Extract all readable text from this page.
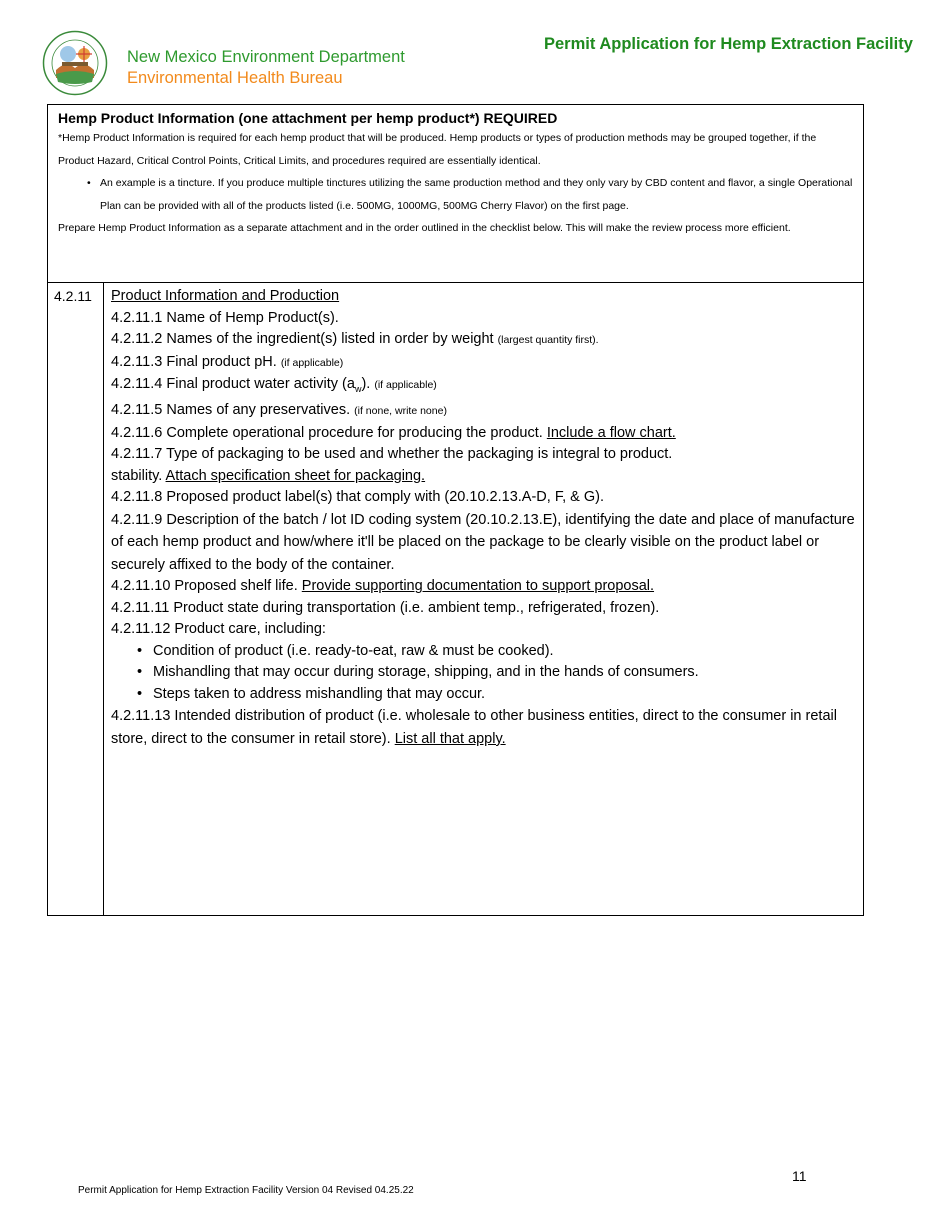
New Mexico Environment Department
Environmental Health Bureau
Permit Application for Hemp Extraction Facility
Hemp Product Information (one attachment per hemp product*) REQUIRED
*Hemp Product Information is required for each hemp product that will be produced. Hemp products or types of production methods may be grouped together, if the Product Hazard, Critical Control Points, Critical Limits, and procedures required are essentially identical.
• An example is a tincture. If you produce multiple tinctures utilizing the same production method and they only vary by CBD content and flavor, a single Operational Plan can be provided with all of the products listed (i.e. 500MG, 1000MG, 500MG Cherry Flavor) on the first page.
Prepare Hemp Product Information as a separate attachment and in the order outlined in the checklist below. This will make the review process more efficient.
4.2.11 Product Information and Production
4.2.11.1 Name of Hemp Product(s).
4.2.11.2 Names of the ingredient(s) listed in order by weight (largest quantity first).
4.2.11.3 Final product pH. (if applicable)
4.2.11.4 Final product water activity $(a_w)$. (if applicable)
4.2.11.5 Names of any preservatives. (if none, write none)
4.2.11.6 Complete operational procedure for producing the product. Include a flow chart.
4.2.11.7 Type of packaging to be used and whether the packaging is integral to product.
stability. Attach specification sheet for packaging.
4.2.11.8 Proposed product label(s) that comply with (20.10.2.13.A-D, F, & G).
4.2.11.9 Description of the batch / lot ID coding system (20.10.2.13.E), identifying the date and place of manufacture of each hemp product and how/where it'll be placed on the package to be clearly visible on the product label or securely affixed to the body of the container.
4.2.11.10 Proposed shelf life. Provide supporting documentation to support proposal.
4.2.11.11 Product state during transportation (i.e. ambient temp., refrigerated, frozen).
4.2.11.12 Product care, including:
• Condition of product (i.e. ready-to-eat, raw & must be cooked).
• Mishandling that may occur during storage, shipping, and in the hands of consumers.
• Steps taken to address mishandling that may occur.
4.2.11.13 Intended distribution of product (i.e. wholesale to other business entities, direct to the consumer in retail store, direct to the consumer in retail store). List all that apply.
11
Permit Application for Hemp Extraction Facility Version 04 Revised 04.25.22
